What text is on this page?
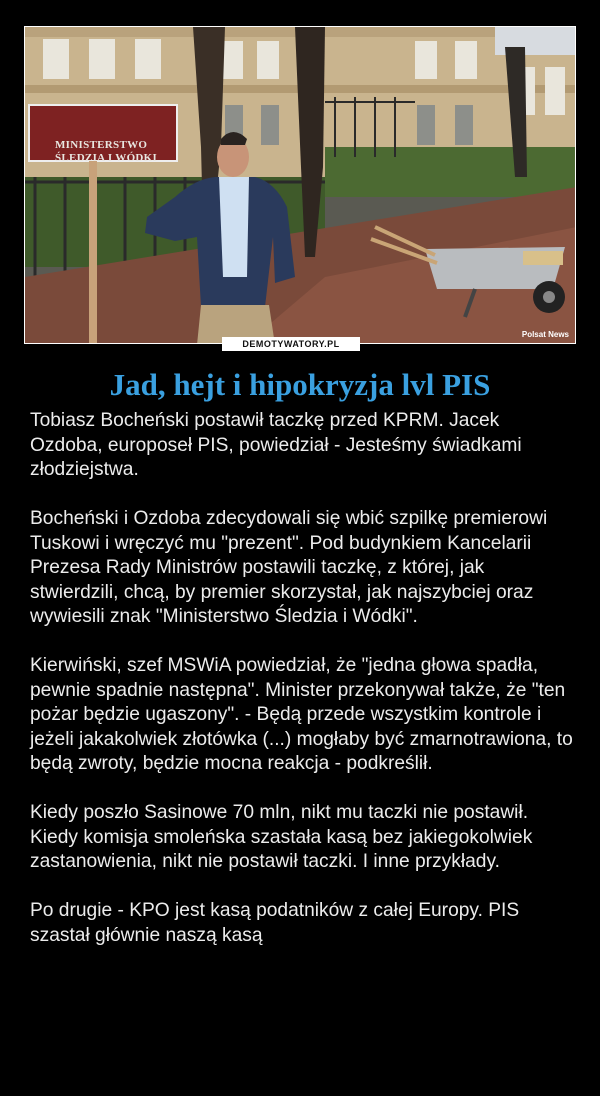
MINISTERSTWO
ŚLEDZIA I WÓDKI
Polsat News
DEMOTYWATORY.PL
Jad, hejt i hipokryzja lvl PIS

Tobiasz Bocheński postawił taczkę przed KPRM. Jacek Ozdoba, europoseł PIS, powiedział - Jesteśmy świadkami złodziejstwa.

Bocheński i Ozdoba zdecydowali się wbić szpilkę premierowi Tuskowi i wręczyć mu "prezent". Pod budynkiem Kancelarii Prezesa Rady Ministrów postawili taczkę, z której, jak stwierdzili, chcą, by premier skorzystał, jak najszybciej oraz wywiesili znak "Ministerstwo Śledzia i Wódki".

Kierwiński, szef MSWiA powiedział, że "jedna głowa spadła, pewnie spadnie następna". Minister przekonywał także, że "ten pożar będzie ugaszony". - Będą przede wszystkim kontrole i jeżeli jakakolwiek złotówka (...) mogłaby być zmarnotrawiona, to będą zwroty, będzie mocna reakcja - podkreślił.

Kiedy poszło Sasinowe 70 mln, nikt mu taczki nie postawił. Kiedy komisja smoleńska szastała kasą bez jakiegokolwiek zastanowienia, nikt nie postawił taczki. I inne przykłady.

Po drugie - KPO jest kasą podatników z całej Europy. PIS szastał głównie naszą kasą
